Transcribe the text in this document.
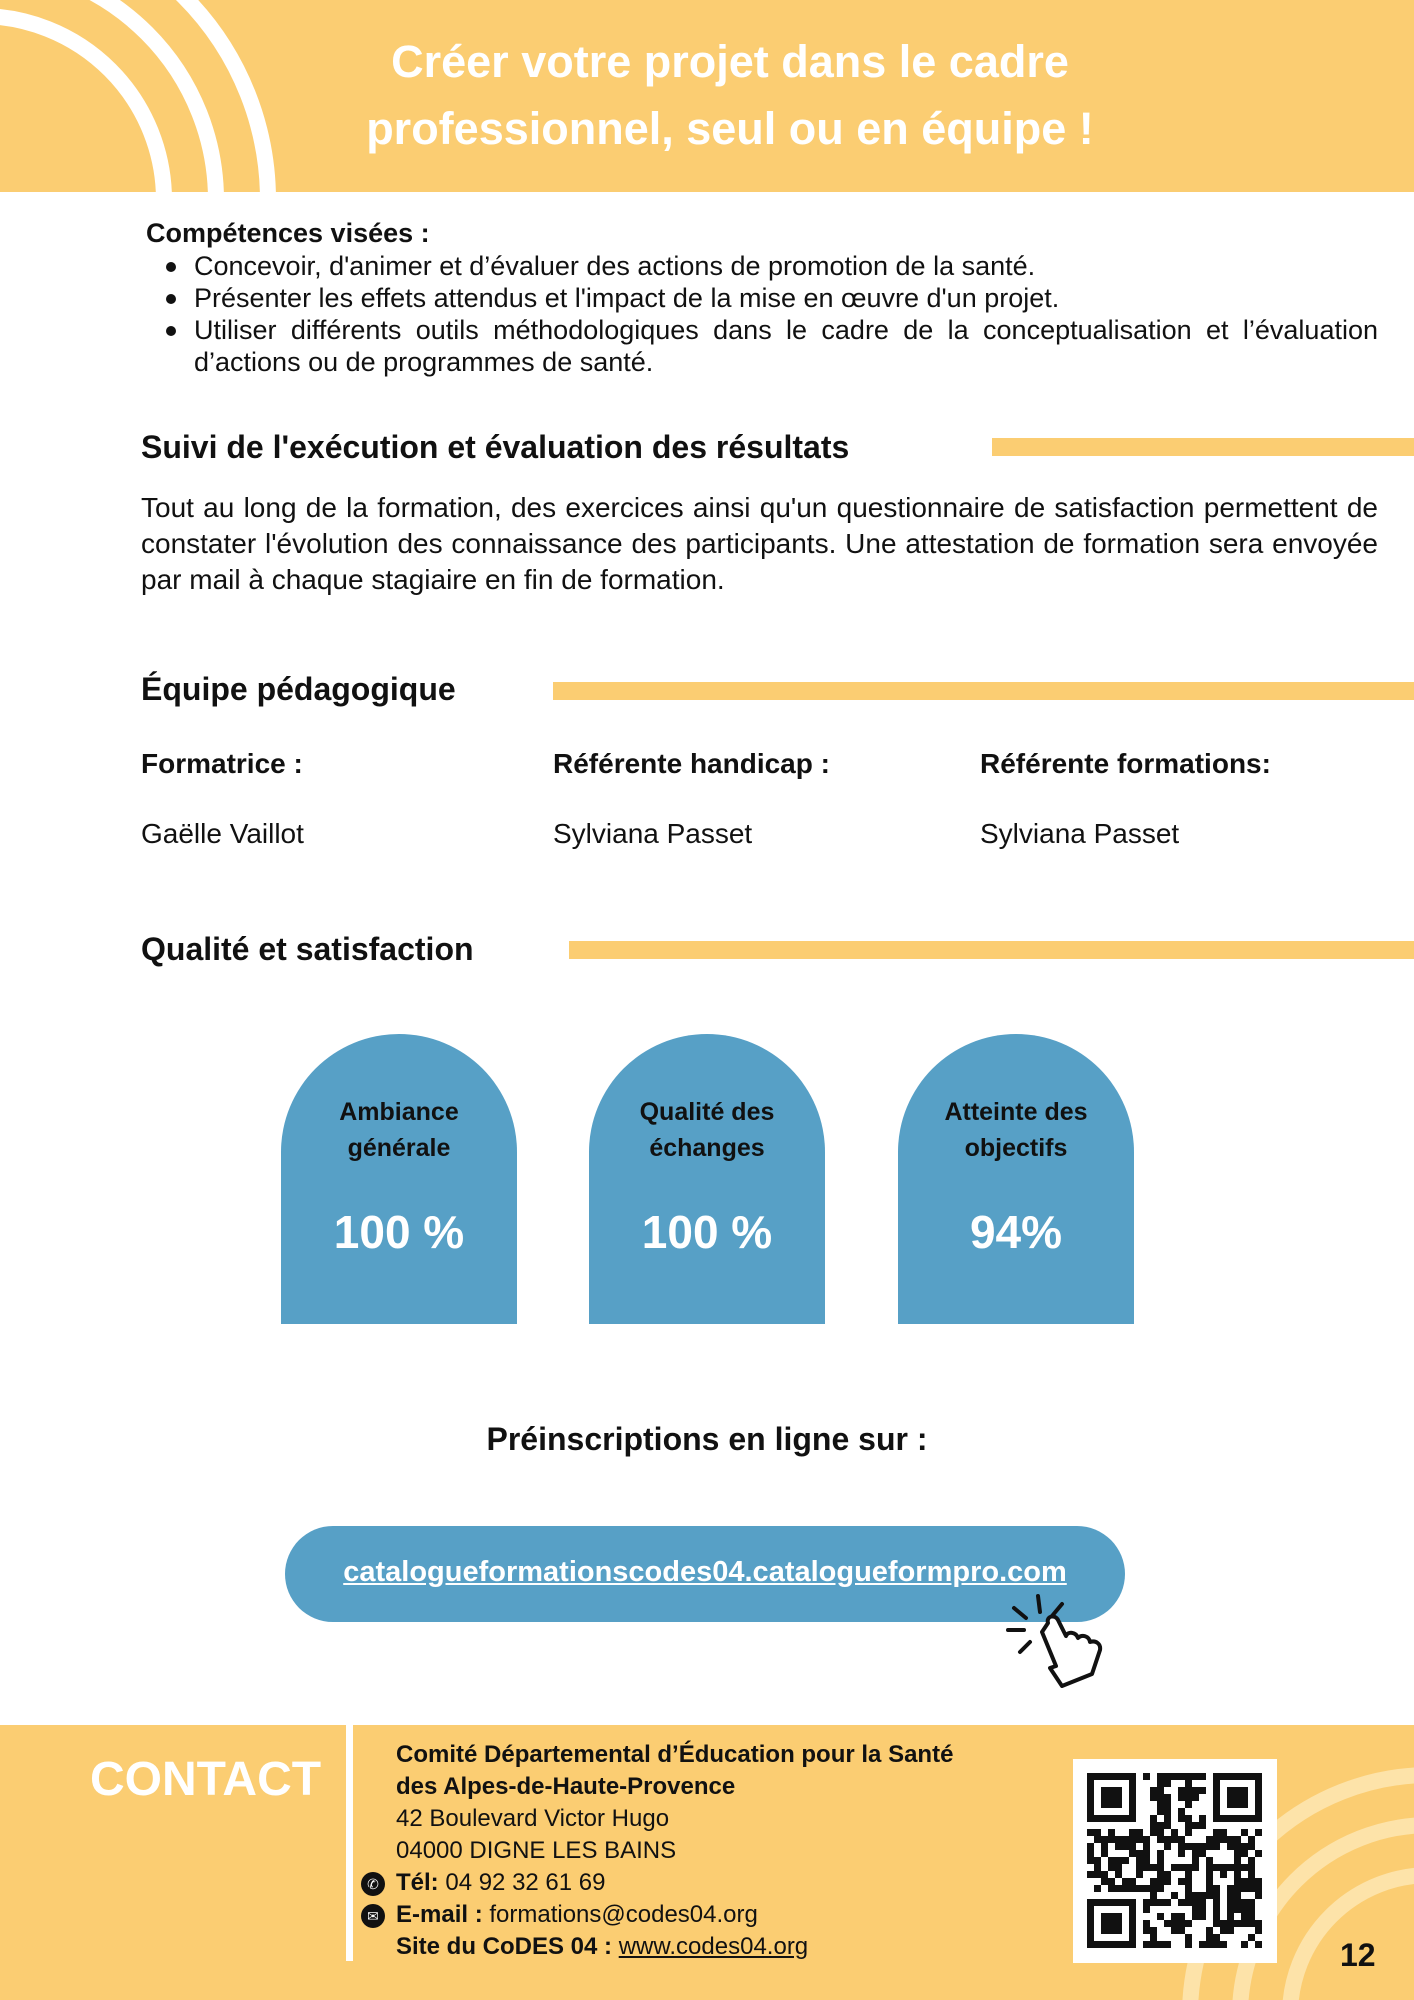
Créer votre projet dans le cadre
professionnel, seul ou en équipe !
Compétences visées :
Concevoir, d'animer et d’évaluer des actions de promotion de la santé.
Présenter les effets attendus et l'impact de la mise en œuvre d'un projet.
Utiliser différents outils méthodologiques dans le cadre de la conceptualisation et l’évaluation d’actions ou de programmes de santé.
Suivi de l'exécution et évaluation des résultats
Tout au long de la formation, des exercices ainsi qu'un questionnaire de satisfaction permettent de constater l'évolution des connaissance des participants. Une attestation de formation sera envoyée par mail à chaque stagiaire en fin de formation.
Équipe pédagogique
Formatrice :
Gaëlle Vaillot
Référente handicap :
Sylviana Passet
Référente formations:
Sylviana Passet
Qualité et satisfaction
Ambiance
générale
100 %
Qualité des
échanges
100 %
Atteinte des
objectifs
94%
Préinscriptions en ligne sur :
catalogueformationscodes04.catalogueformpro.com
CONTACT	Comité Départemental d’Éducation pour la Santé
des Alpes-de-Haute-Provence
42 Boulevard Victor Hugo
04000 DIGNE LES BAINS
✆ Tél: 04 92 32 61 69
✉ E-mail : formations@codes04.org
Site du CoDES 04 : www.codes04.org	12
